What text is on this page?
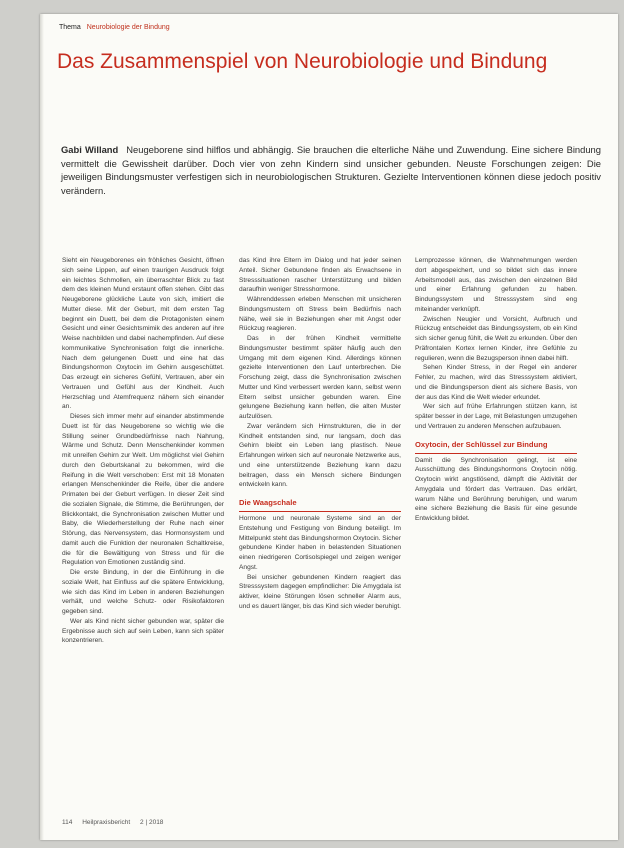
Thema Neurobiologie der Bindung
Das Zusammenspiel von Neurobiologie und Bindung
Gabi Willand Neugeborene sind hilflos und abhängig. Sie brauchen die elterliche Nähe und Zuwendung. Eine sichere Bindung vermittelt die Gewissheit darüber. Doch vier von zehn Kindern sind unsicher gebunden. Neuste Forschungen zeigen: Die jeweiligen Bindungsmuster verfestigen sich in neurobiologischen Strukturen. Gezielte Interventionen können diese jedoch positiv verändern.

Sieht ein Neugeborenes ein fröhliches Gesicht, öffnen sich seine Lippen, auf einen traurigen Ausdruck folgt ein leichtes Schmollen, ein überraschter Blick zu fast dem des kleinen Mund erstaunt offen stehen. Gibt das Neugeborene glückliche Laute von sich, imitiert die Mutter diese. Mit der Geburt, mit dem ersten Tag beginnt ein Duett, bei dem die Protagonisten einem Gesicht und einer Gesichtsmimik des anderen auf ihre Weise nachbilden und dabei nachempfinden. Auf diese kommunikative Synchronisation folgt die innerliche. Nach dem gelungenen Duett und eine hat das Bindungshormon Oxytocin im Gehirn ausgeschüttet. Das erzeugt ein sicheres Gefühl, Vertrauen, aber ein Vertrauen und Gefühl aus der Kindheit. Auch Herzschlag und Atemfrequenz nähern sich einander an.

Dieses sich immer mehr auf einander abstimmende Duett ist für das Neugeborene so wichtig wie die Stillung seiner Grundbedürfnisse nach Nahrung, Wärme und Schutz. Denn Menschenkinder kommen mit unreifen Gehirn zur Welt. Um möglichst viel Gehirn durch den Geburtskanal zu bekommen, wird die Reifung in die Welt verschoben: Erst mit 18 Monaten erlangen Menschenkinder die Reife, über die andere Primaten bei der Geburt verfügen. In dieser Zeit sind die sozialen Signale, die Stimme, die Berührungen, der Blickkontakt, die Synchronisation zwischen Mutter und Baby, die Wiederherstellung der Ruhe nach einer Störung, das Nervensystem, das Hormonsystem und damit auch die Funktion der neuronalen Schaltkreise, die für die Bewältigung von Stress und für die Regulation von Emotionen zuständig sind.

Die erste Bindung, in der die Einführung in die soziale Welt, hat Einfluss auf die spätere Entwicklung, wie sich das Kind im Leben in anderen Beziehungen verhält, und welche Schutz- oder Risikofaktoren gegeben sind.

Wer als Kind nicht sicher gebunden war, später die Ergebnisse auch sich auf sein Leben, kann sich später konzentrieren.

das Kind ihre Eltern im Dialog und hat jeder seinen Anteil. Sicher Gebundene finden als Erwachsene in Stresssituationen rascher Unterstützung und bilden daraufhin weniger Stresshormone.

Währenddessen erleben Menschen mit unsicheren Bindungsmustern oft Stress beim Bedürfnis nach Nähe, weil sie in Beziehungen eher mit Angst oder Rückzug reagieren.

Das in der frühen Kindheit vermittelte Bindungsmuster bestimmt später häufig auch den Umgang mit dem eigenen Kind. Allerdings können gezielte Interventionen den Lauf unterbrechen. Die Forschung zeigt, dass die Synchronisation zwischen Mutter und Kind verbessert werden kann, selbst wenn Eltern selbst unsicher gebunden waren. Eine gelungene Beziehung kann helfen, die alten Muster aufzulösen.

Zwar verändern sich Hirnstrukturen, die in der Kindheit entstanden sind, nur langsam, doch das Gehirn bleibt ein Leben lang plastisch. Neue Erfahrungen wirken sich auf neuronale Netzwerke aus, und eine unterstützende Beziehung kann dazu beitragen, dass ein Mensch sichere Bindungen entwickeln kann.

Die Waagschale

Hormone und neuronale Systeme sind an der Entstehung und Festigung von Bindung beteiligt. Im Mittelpunkt steht das Bindungshormon Oxytocin. Sicher gebundene Kinder haben in belastenden Situationen einen niedrigeren Cortisolspiegel und zeigen weniger Angst.

Bei unsicher gebundenen Kindern reagiert das Stresssystem dagegen empfindlicher: Die Amygdala ist aktiver, kleine Störungen lösen schneller Alarm aus, und es dauert länger, bis das Kind sich wieder beruhigt.

Lernprozesse können, die Wahrnehmungen werden dort abgespeichert, und so bildet sich das innere Arbeitsmodell aus, das zwischen den einzelnen Bild und einer Erfahrung gefunden zu haben. Bindungssystem und Stresssystem sind eng miteinander verknüpft.

Zwischen Neugier und Vorsicht, Aufbruch und Rückzug entscheidet das Bindungssystem, ob ein Kind sich sicher genug fühlt, die Welt zu erkunden. Über den Präfrontalen Kortex lernen Kinder, ihre Gefühle zu regulieren, wenn die Bezugsperson ihnen dabei hilft.

Sehen Kinder Stress, in der Regel ein anderer Fehler, zu machen, wird das Stresssystem aktiviert, und die Bindungsperson dient als sichere Basis, von der aus das Kind die Welt wieder erkundet.

Wer sich auf frühe Erfahrungen stützen kann, ist später besser in der Lage, mit Belastungen umzugehen und Vertrauen zu anderen Menschen aufzubauen.

Oxytocin, der Schlüssel zur Bindung

Damit die Synchronisation gelingt, ist eine Ausschüttung des Bindungshormons Oxytocin nötig. Oxytocin wirkt angstlösend, dämpft die Aktivität der Amygdala und fördert das Vertrauen. Das erklärt, warum Nähe und Berührung beruhigen, und warum eine sichere Beziehung die Basis für eine gesunde Entwicklung bildet.

114 Heilpraxisbericht 2 | 2018
